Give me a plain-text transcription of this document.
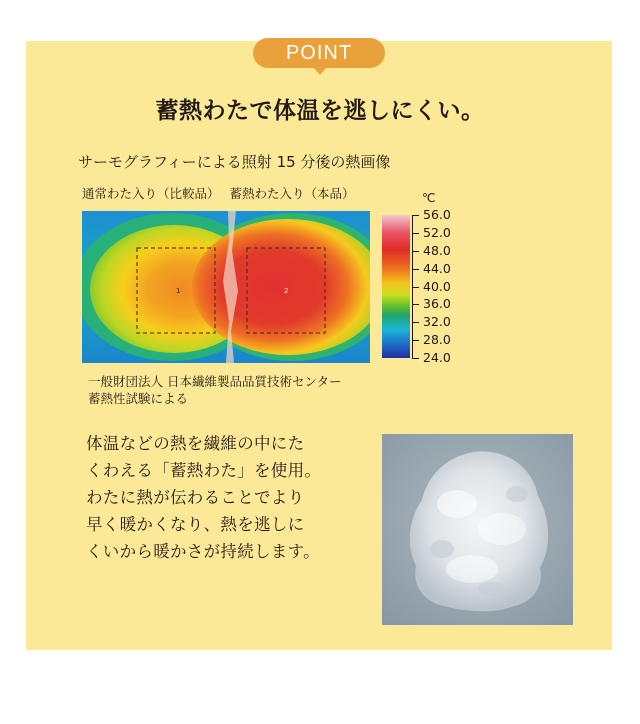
POINT
蓄熱わたで体温を逃しにくい。
サーモグラフィーによる照射 15 分後の熱画像
通常わた入り（比較品） 蓄熱わた入り（本品）
1	2
℃
56.0
52.0
48.0
44.0
40.0
36.0
32.0
28.0
24.0
一般財団法人 日本繊維製品品質技術センター
蓄熱性試験による
体温などの熱を繊維の中にた
くわえる「蓄熱わた」を使用。
わたに熱が伝わることでより
早く暖かくなり、熱を逃しに
くいから暖かさが持続します。
